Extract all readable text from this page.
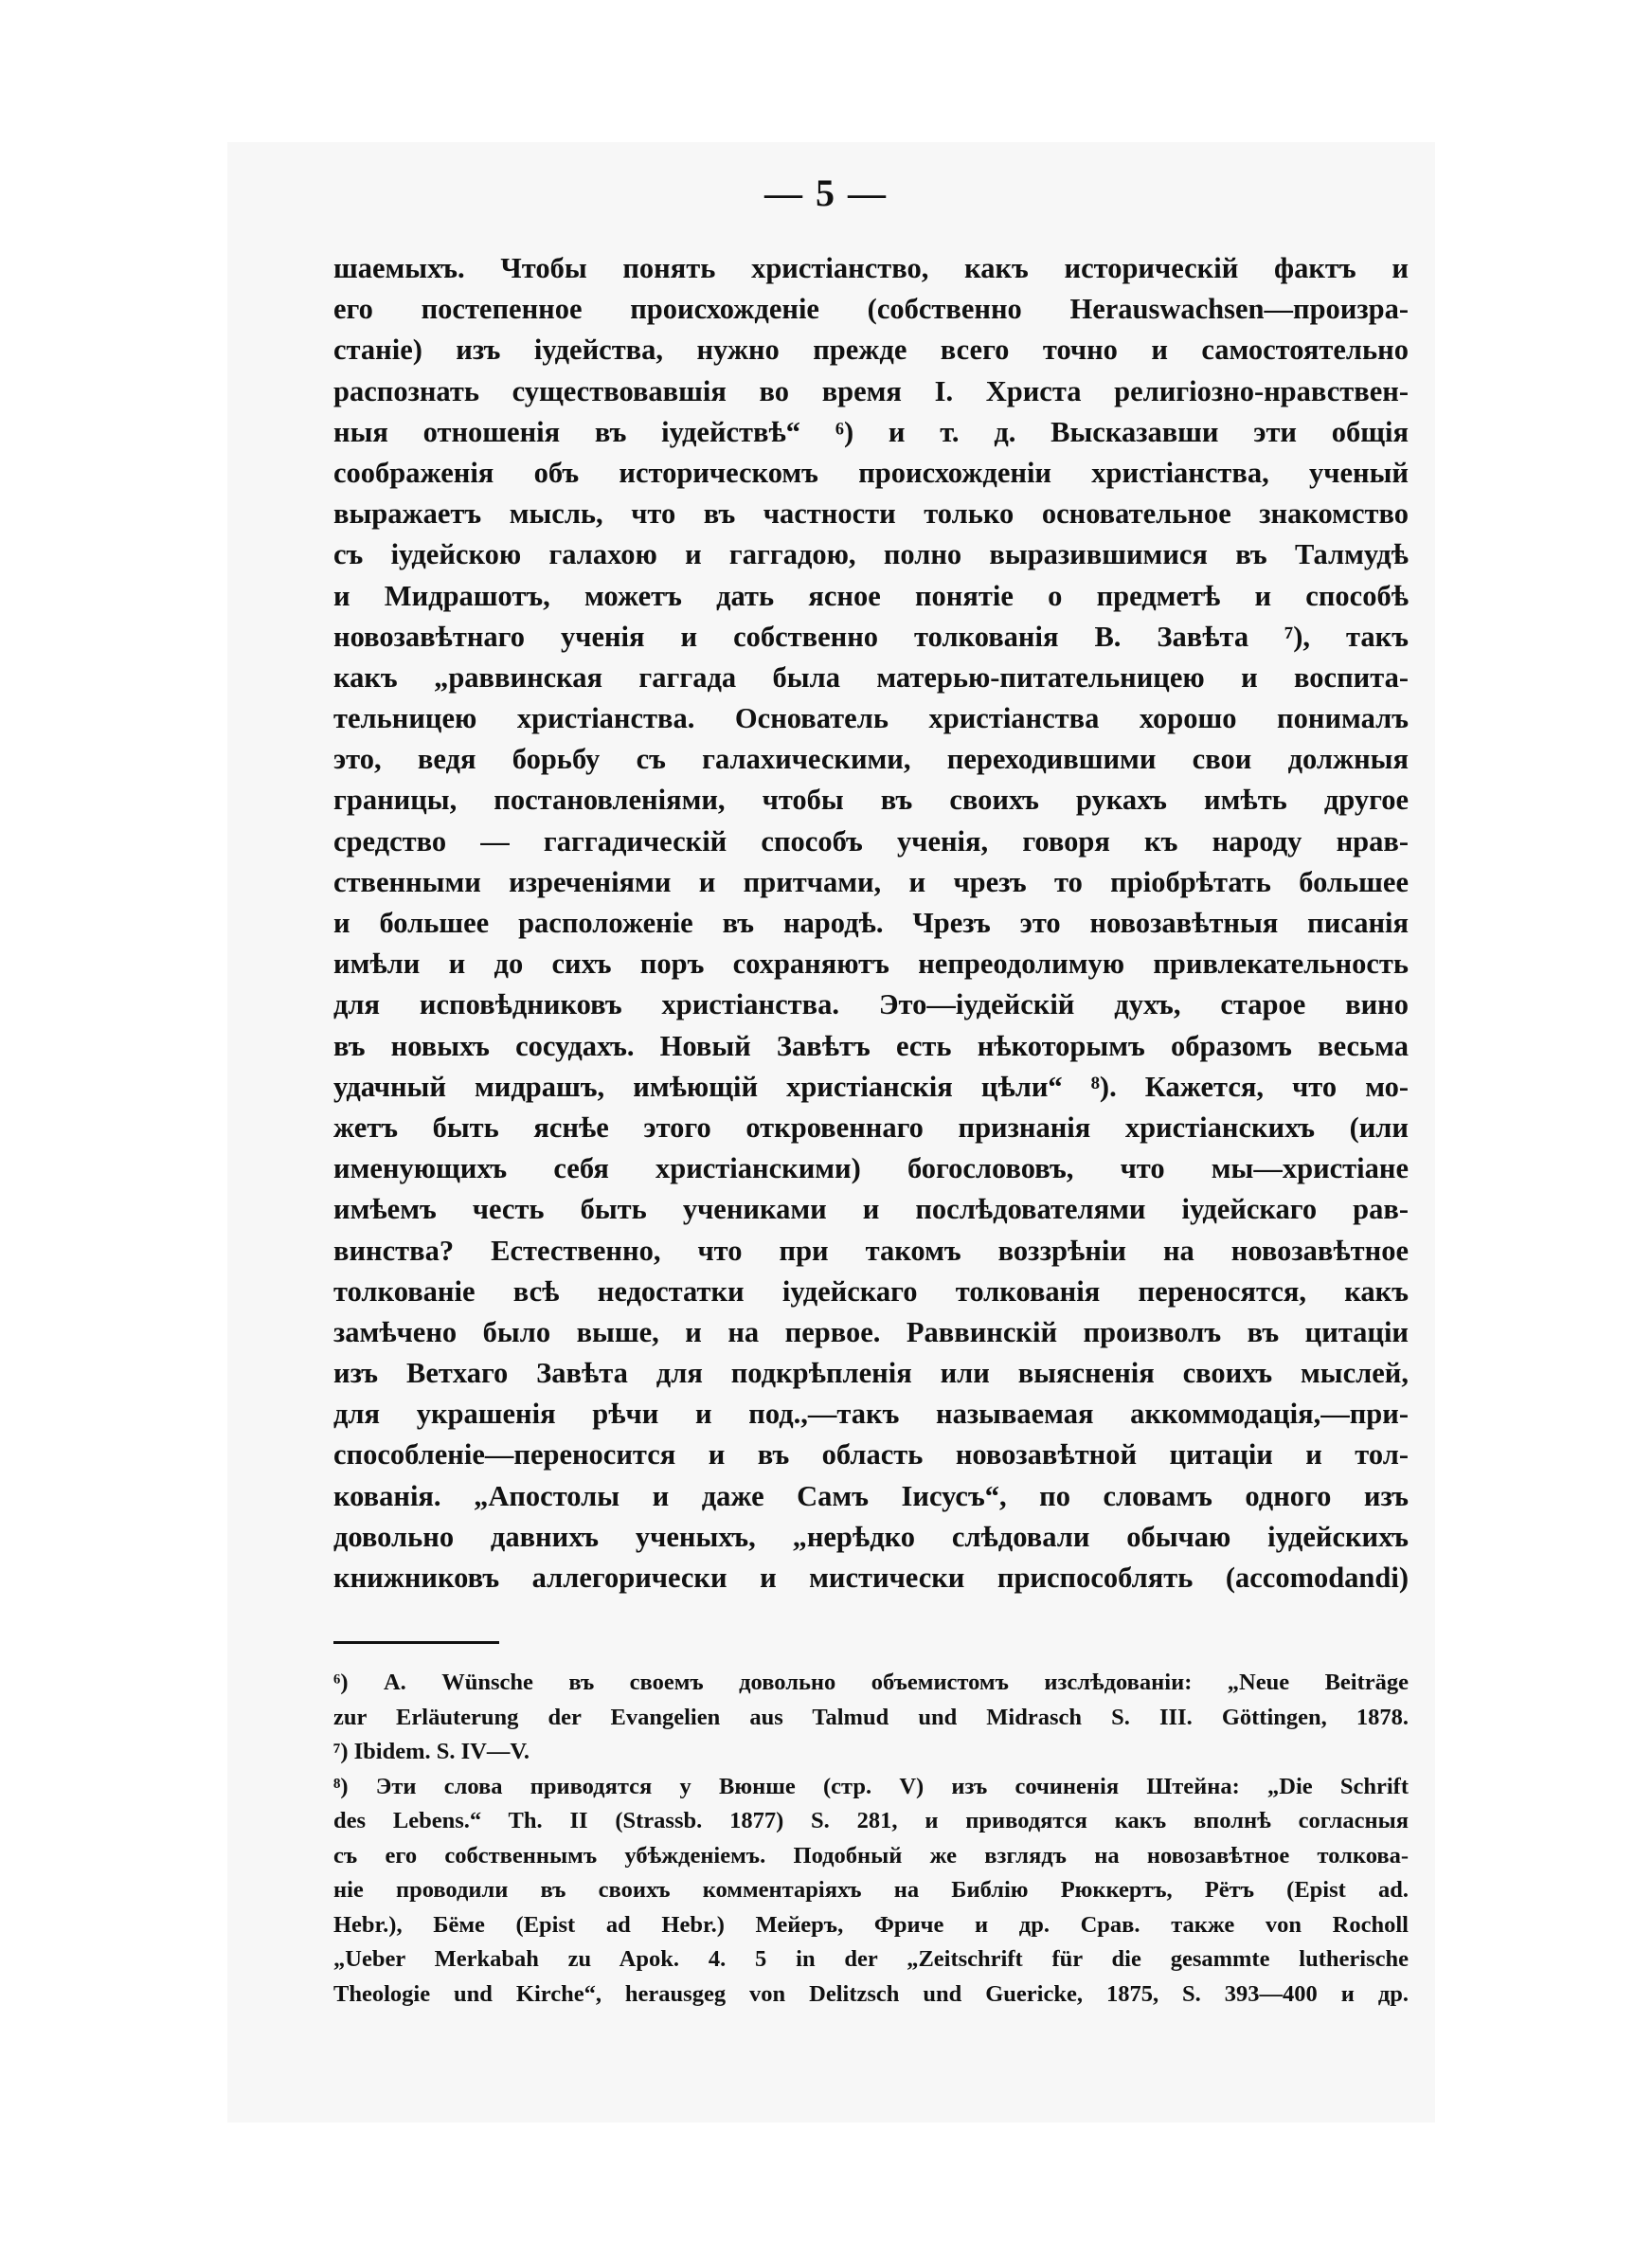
— 5 —
шаемыхъ. Чтобы понять христіанство, какъ историческій фактъ и
его постепенное происхожденіе (собственно Herauswachsen—произра-
станіе) изъ іудейства, нужно прежде всего точно и самостоятельно
распознать существовавшія во время І. Христа религіозно-нравствен-
ныя отношенія въ іудействѣ“ ⁶) и т. д. Высказавши эти общія
соображенія объ историческомъ происхожденіи христіанства, ученый
выражаетъ мысль, что въ частности только основательное знакомство
съ іудейскою галахою и гаггадою, полно выразившимися въ Талмудѣ
и Мидрашотъ, можетъ дать ясное понятіе о предметѣ и способѣ
новозавѣтнаго ученія и собственно толкованія В. Завѣта ⁷), такъ
какъ „раввинская гаггада была матерью-питательницею и воспита-
тельницею христіанства. Основатель христіанства хорошо понималъ
это, ведя борьбу съ галахическими, переходившими свои должныя
границы, постановленіями, чтобы въ своихъ рукахъ имѣть другое
средство — гаггадическій способъ ученія, говоря къ народу нрав-
ственными изреченіями и притчами, и чрезъ то пріобрѣтать большее
и большее расположеніе въ народѣ. Чрезъ это новозавѣтныя писанія
имѣли и до сихъ поръ сохраняютъ непреодолимую привлекательность
для исповѣдниковъ христіанства. Это—іудейскій духъ, старое вино
въ новыхъ сосудахъ. Новый Завѣтъ есть нѣкоторымъ образомъ весьма
удачный мидрашъ, имѣющій христіанскія цѣли“ ⁸). Кажется, что мо-
жетъ быть яснѣе этого откровеннаго признанія христіанскихъ (или
именующихъ себя христіанскими) богослововъ, что мы—христіане
имѣемъ честь быть учениками и послѣдователями іудейскаго рав-
винства? Естественно, что при такомъ воззрѣніи на новозавѣтное
толкованіе всѣ недостатки іудейскаго толкованія переносятся, какъ
замѣчено было выше, и на первое. Раввинскій произволъ въ цитаціи
изъ Ветхаго Завѣта для подкрѣпленія или выясненія своихъ мыслей,
для украшенія рѣчи и под.,—такъ называемая аккоммодація,—при-
способленіе—переносится и въ область новозавѣтной цитаціи и тол-
кованія. „Апостолы и даже Самъ Іисусъ“, по словамъ одного изъ
довольно давнихъ ученыхъ, „нерѣдко слѣдовали обычаю іудейскихъ
книжниковъ аллегорически и мистически приспособлять (accomodandi)
⁶) А. Wünsche въ своемъ довольно объемистомъ изслѣдованіи: „Neue Beiträge
zur Erläuterung der Evangelien aus Talmud und Midrasch S. III. Göttingen, 1878.
⁷) Ibidem. S. IV—V.
⁸) Эти слова приводятся у Вюнше (стр. V) изъ сочиненія Штейна: „Die Schrift
des Lebens.“ Th. II (Strassb. 1877) S. 281, и приводятся какъ вполнѣ согласныя
съ его собственнымъ убѣжденіемъ. Подобный же взглядъ на новозавѣтное толкова-
ніе проводили въ своихъ комментаріяхъ на Библію Рюккертъ, Рётъ (Epist ad.
Hebr.), Бёме (Epist ad Hebr.) Мейеръ, Фриче и др. Срав. также von Rocholl
„Ueber Merkabah zu Apok. 4. 5 in der „Zeitschrift für die gesammte lutherische
Theologie und Kirche“, herausgeg von Delitzsch und Guericke, 1875, S. 393—400 и др.
